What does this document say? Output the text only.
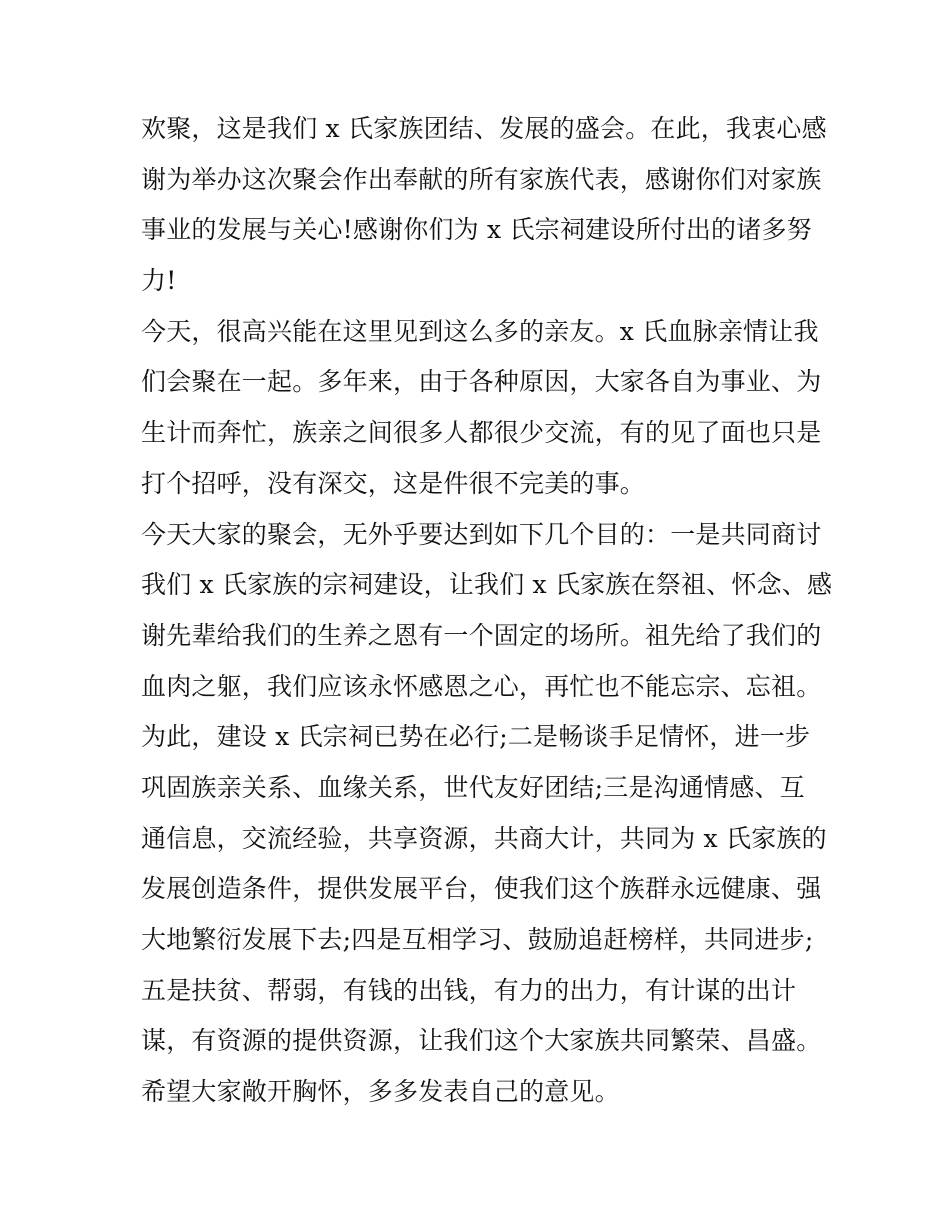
欢聚，这是我们 x 氏家族团结、发展的盛会。在此，我衷心感
谢为举办这次聚会作出奉献的所有家族代表，感谢你们对家族
事业的发展与关心!感谢你们为 x 氏宗祠建设所付出的诸多努
力!
今天，很高兴能在这里见到这么多的亲友。x 氏血脉亲情让我
们会聚在一起。多年来，由于各种原因，大家各自为事业、为
生计而奔忙，族亲之间很多人都很少交流，有的见了面也只是
打个招呼，没有深交，这是件很不完美的事。
今天大家的聚会，无外乎要达到如下几个目的：一是共同商讨
我们 x 氏家族的宗祠建设，让我们 x 氏家族在祭祖、怀念、感
谢先辈给我们的生养之恩有一个固定的场所。祖先给了我们的
血肉之躯，我们应该永怀感恩之心，再忙也不能忘宗、忘祖。
为此，建设 x 氏宗祠已势在必行;二是畅谈手足情怀，进一步
巩固族亲关系、血缘关系，世代友好团结;三是沟通情感、互
通信息，交流经验，共享资源，共商大计，共同为 x 氏家族的
发展创造条件，提供发展平台，使我们这个族群永远健康、强
大地繁衍发展下去;四是互相学习、鼓励追赶榜样，共同进步;
五是扶贫、帮弱，有钱的出钱，有力的出力，有计谋的出计
谋，有资源的提供资源，让我们这个大家族共同繁荣、昌盛。
希望大家敞开胸怀，多多发表自己的意见。
